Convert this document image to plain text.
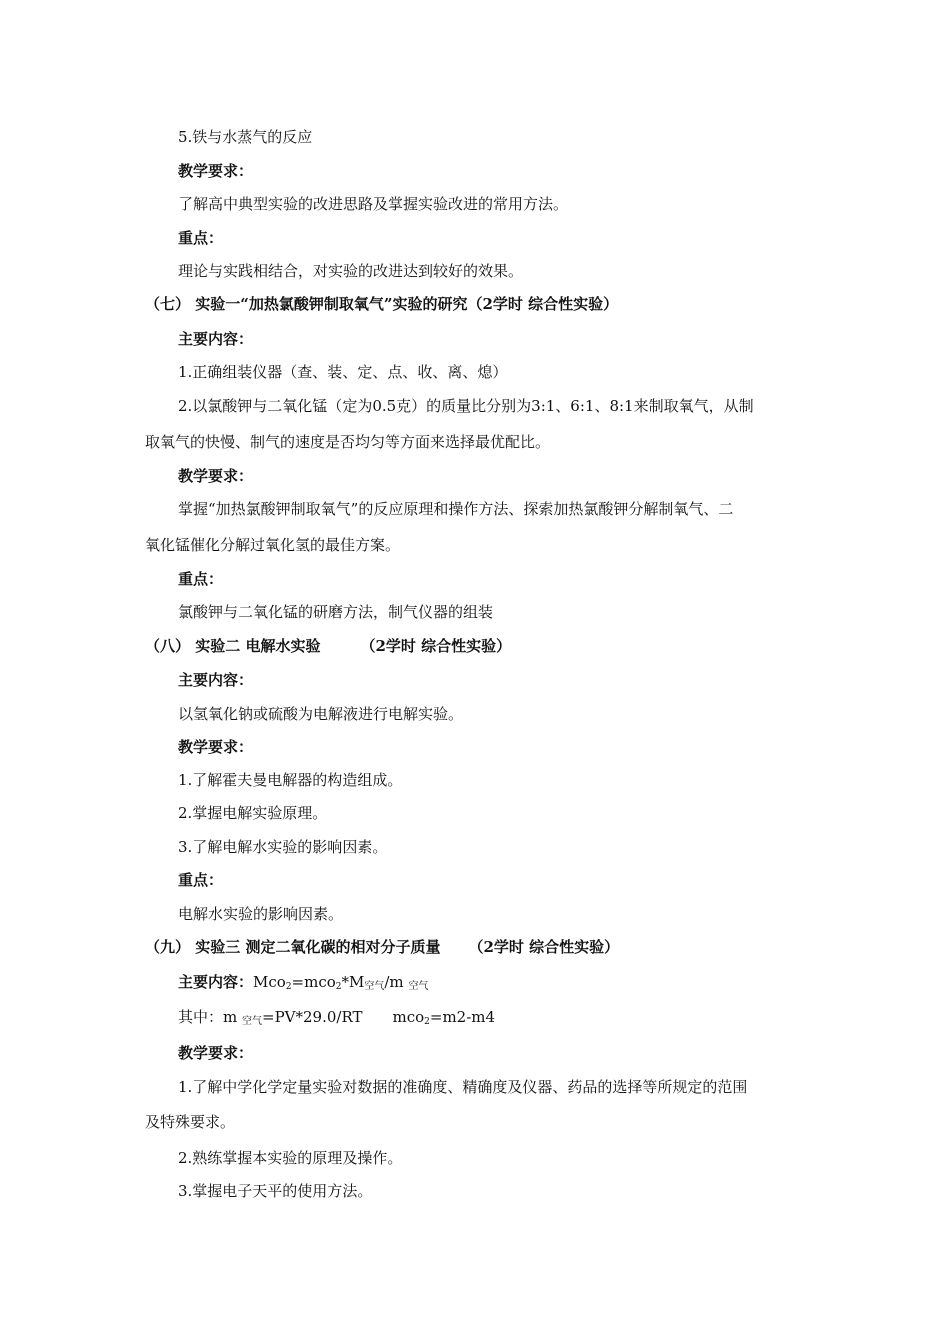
5.铁与水蒸气的反应
教学要求：
了解高中典型实验的改进思路及掌握实验改进的常用方法。
重点：
理论与实践相结合，对实验的改进达到较好的效果。
（七） 实验一“加热氯酸钾制取氧气”实验的研究（2学时 综合性实验）
主要内容：
1.正确组装仪器（查、装、定、点、收、离、熄）
2.以氯酸钾与二氧化锰（定为0.5克）的质量比分别为3:1、6:1、8:1来制取氧气，从制
取氧气的快慢、制气的速度是否均匀等方面来选择最优配比。
教学要求：
掌握“加热氯酸钾制取氧气”的反应原理和操作方法、探索加热氯酸钾分解制氧气、二
氧化锰催化分解过氧化氢的最佳方案。
重点：
氯酸钾与二氧化锰的研磨方法，制气仪器的组装
（八） 实验二 电解水实验	（2学时 综合性实验）
主要内容：
以氢氧化钠或硫酸为电解液进行电解实验。
教学要求：
1.了解霍夫曼电解器的构造组成。
2.掌握电解实验原理。
3.了解电解水实验的影响因素。
重点：
电解水实验的影响因素。
（九） 实验三 测定二氧化碳的相对分子质量 （2学时 综合性实验）
主要内容：$Mco_2=mco_2*M_{空气}/m$ $_{空气}$
其中：m $_{空气}$=PV*29.0/RT mco$_2$=m2-m4
教学要求：
1.了解中学化学定量实验对数据的准确度、精确度及仪器、药品的选择等所规定的范围
及特殊要求。
2.熟练掌握本实验的原理及操作。
3.掌握电子天平的使用方法。
